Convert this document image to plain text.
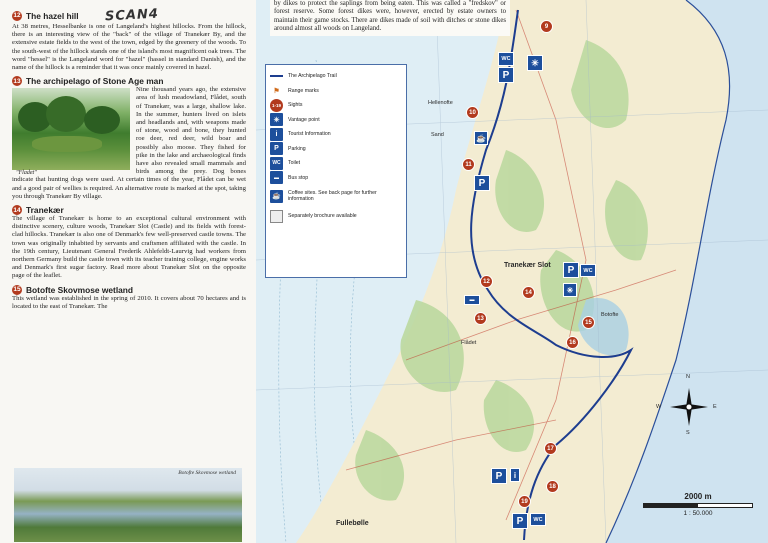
12 The hazel hill SCAN4

At 38 metres, Hesselbanke is one of Langeland's highest hillocks. From the hillock, there is an interesting view of the "back" of the village of Tranekær By, and the extensive estate fields to the west of the town, edged by the greenery of the woods. To the south-west of the hillock stands one of the island's most magnificent oak trees. The word "hessel" is the Langeland word for "hazel" (hassel in standard Danish), and the name of the hillock is a reminder that it was once mainly covered in hazel.

13 The archipelago of Stone Age man
"Fladet"

Nine thousand years ago, the extensive area of lush meadowland, Flådet, south of Tranekær, was a large, shallow lake. In the summer, hunters lived on islets and headlands and, with weapons made of stone, wood and bone, they hunted roe deer, red deer, wild boar and possibly also moose. They fished for pike in the lake and archaeological finds have also revealed small mammals and birds among the prey. Dog bones indicate that hunting dogs were used. At certain times of the year, Flådet can be wet and a good pair of wellies is required. An alternative route is marked at the spot, taking you through Tranekær By village.

14 Tranekær

The village of Tranekær is home to an exceptional cultural environment with distinctive scenery, culture woods, Tranekær Slot (Castle) and its fields with forest-clad hillocks. Tranekær is also one of Denmark's few well-preserved castle towns. The town was originally inhabited by servants and craftsmen affiliated with the castle. In the 19th century, Lieutenant General Frederik Ahlefeldt-Laurvig had workers from northern Germany build the castle town with its teacher training college, engine works and Denmark's first sugar factory. Read more about Tranekær Slot on the opposite page of the leaflet.

15 Botofte Skovmose wetland

This wetland was established in the spring of 2010. It covers about 70 hectares and is located to the east of Tranekær. The

Botofte Skovmose wetland
Hellenofte
Sand
Tranekær Slot
Flådet
Botofte
Fullebølle
by dikes to protect the saplings from being eaten. This was called a "fredskov" or forest reserve. Some forest dikes were, however, erected by estate owners to maintain their game stocks. There are dikes made of soil with ditches or stone dikes around almost all woods on Langeland.
The Archipelago Trail
⚑	Range marks
1-19	Sights
✳	Vantage point
i	Tourist Information
P	Parking
WC	Toilet
▬	Bus stop
☕	Coffee sites. See back page for further information
Separately brochure available
9
10
11
12
13
14
15
16
17
18
19
WC
P
✳
☕
P
P	WC
✳
▬
P	i
P	WC
N
S
E
W
2000 m
1 : 50.000
